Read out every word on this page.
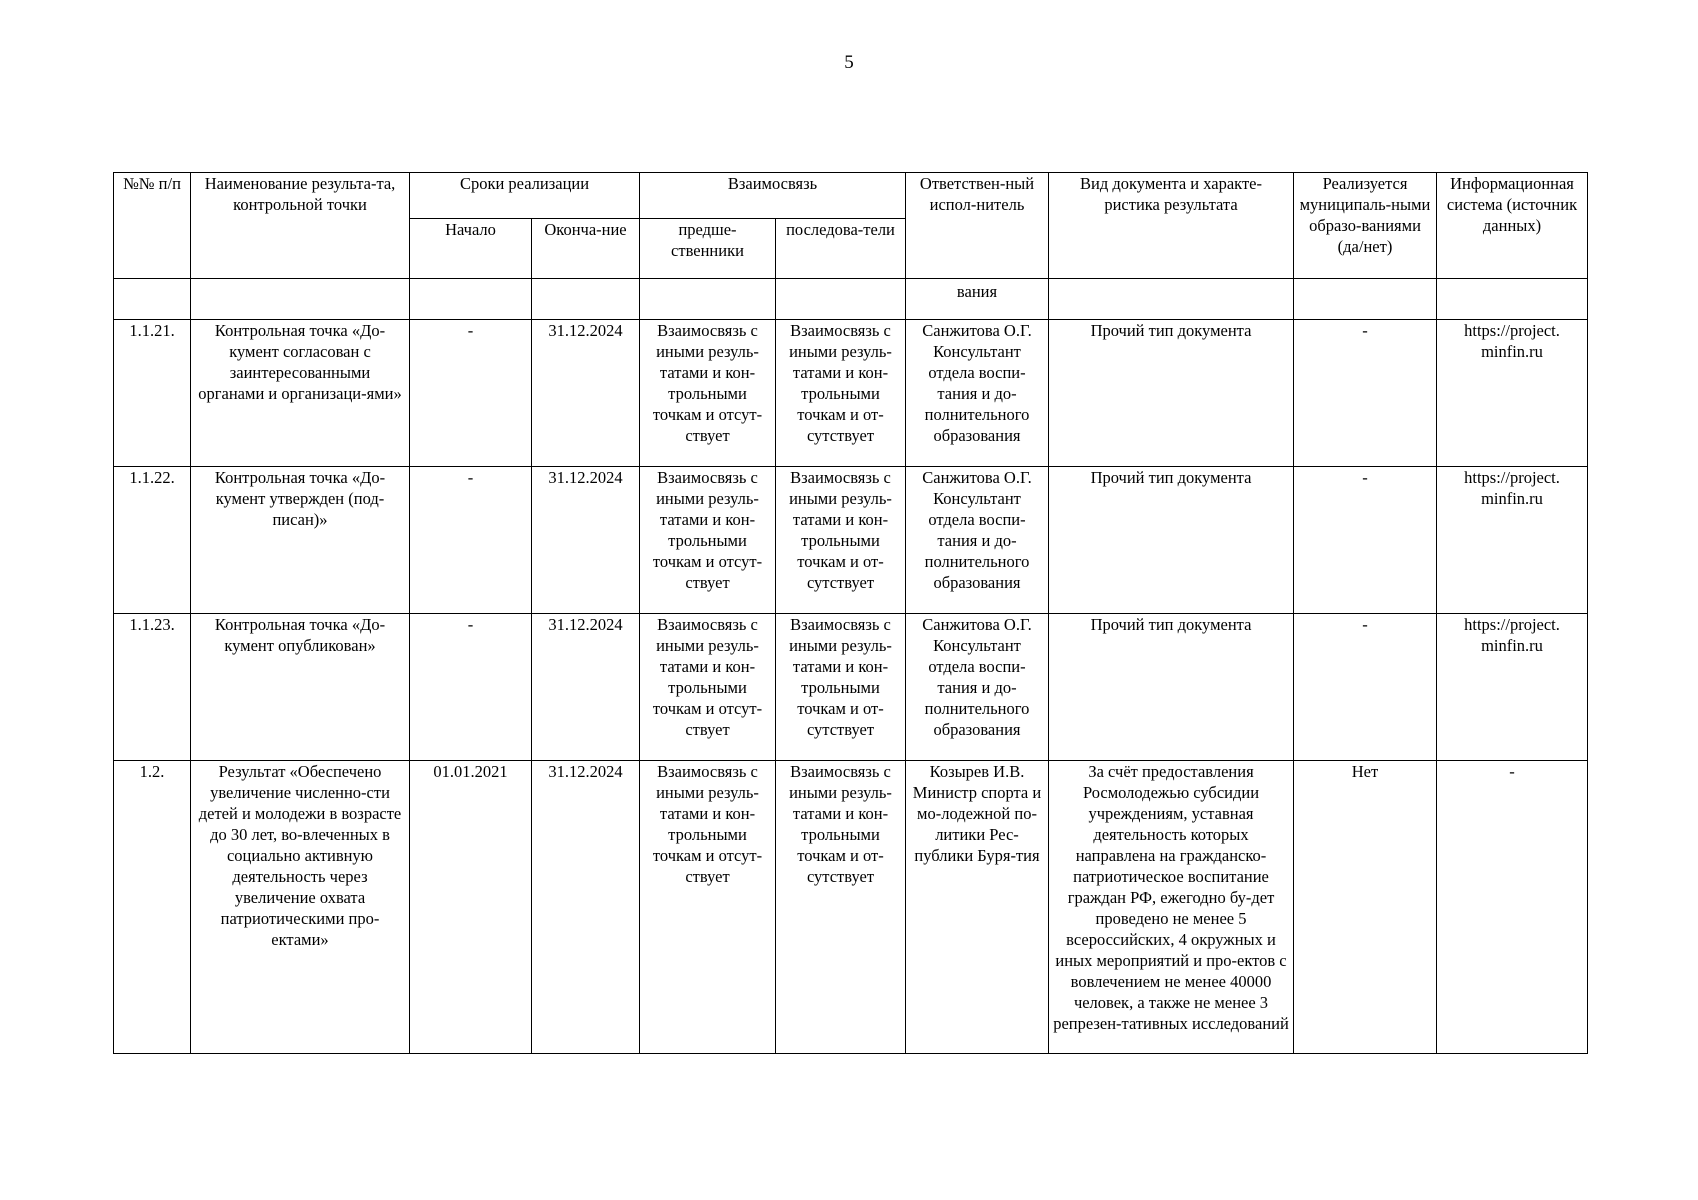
5
№№ п/п	Наименование результа-та, контрольной точки	Сроки реализации		Взаимосвязь		Ответствен-ный испол-нитель	Вид документа и характе-ристика результата	Реализуется муниципаль-ными образо-ваниями (да/нет)	Информационная система (источник данных)
		Начало	Оконча-ние	предше-ственники	последова-тели				
						вания			
1.1.21.	Контрольная точка «До-кумент согласован с заинтересованными органами и организаци-ями»	-	31.12.2024	Взаимосвязь с иными резуль-татами и кон-трольными точкам и отсут-ствует	Взаимосвязь с иными резуль-татами и кон-трольными точкам и от-сутствует	Санжитова О.Г. Консультант отдела воспи-тания и до-полнительного образования	Прочий тип документа	-	https://project. minfin.ru
1.1.22.	Контрольная точка «До-кумент утвержден (под-писан)»	-	31.12.2024	Взаимосвязь с иными резуль-татами и кон-трольными точкам и отсут-ствует	Взаимосвязь с иными резуль-татами и кон-трольными точкам и от-сутствует	Санжитова О.Г. Консультант отдела воспи-тания и до-полнительного образования	Прочий тип документа	-	https://project. minfin.ru
1.1.23.	Контрольная точка «До-кумент опубликован»	-	31.12.2024	Взаимосвязь с иными резуль-татами и кон-трольными точкам и отсут-ствует	Взаимосвязь с иными резуль-татами и кон-трольными точкам и от-сутствует	Санжитова О.Г. Консультант отдела воспи-тания и до-полнительного образования	Прочий тип документа	-	https://project. minfin.ru
1.2.	Результат «Обеспечено увеличение численно-сти детей и молодежи в возрасте до 30 лет, во-влеченных в социально активную деятельность через увеличение охвата патриотическими про-ектами»	01.01.2021	31.12.2024	Взаимосвязь с иными резуль-татами и кон-трольными точкам и отсут-ствует	Взаимосвязь с иными резуль-татами и кон-трольными точкам и от-сутствует	Козырев И.В. Министр спорта и мо-лодежной по-литики Рес-публики Буря-тия	За счёт предоставления Росмолодежью субсидии учреждениям, уставная деятельность которых направлена на гражданско-патриотическое воспитание граждан РФ, ежегодно бу-дет проведено не менее 5 всероссийских, 4 окружных и иных мероприятий и про-ектов с вовлечением не менее 40000 человек, а также не менее 3 репрезен-тативных исследований	Нет	-
